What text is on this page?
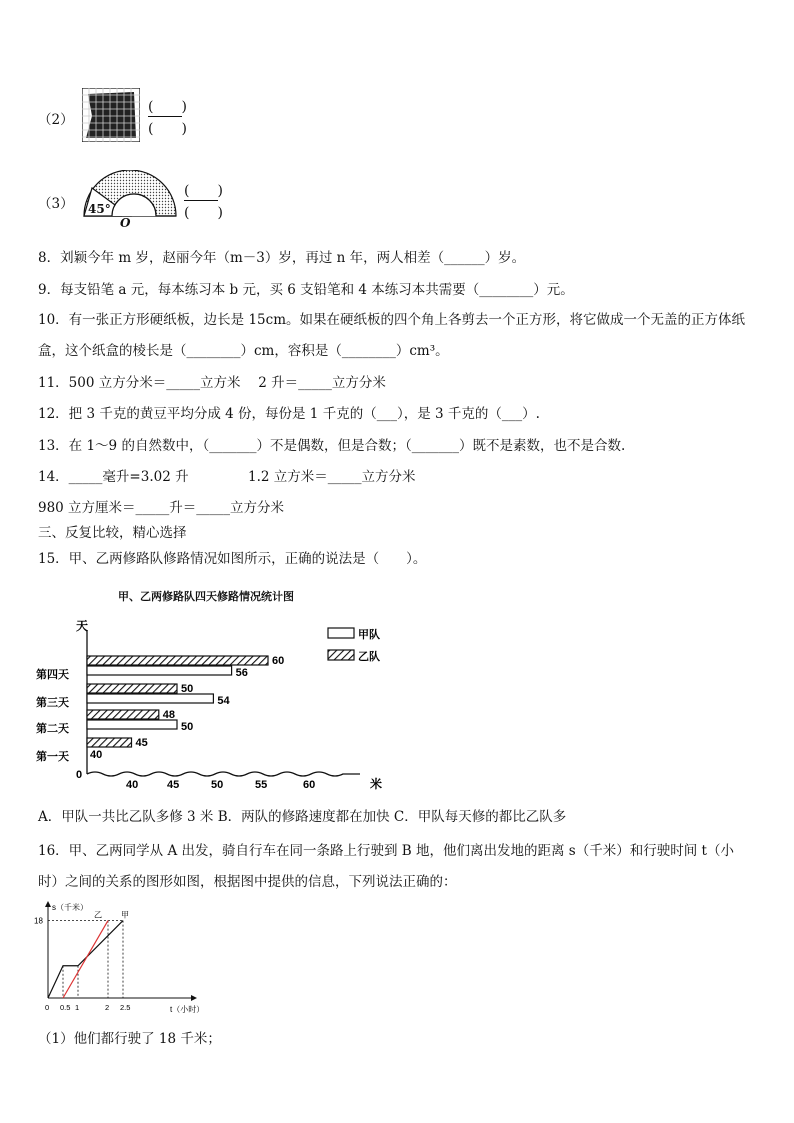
（2）
(　　)
(　　)
（3） 45°
O
(　　)
(　　)
8．刘颖今年 m 岁，赵丽今年（m－3）岁，再过 n 年，两人相差（______）岁。
9．每支铅笔 a 元，每本练习本 b 元，买 6 支铅笔和 4 本练习本共需要（________）元。
10．有一张正方形硬纸板，边长是 15cm。如果在硬纸板的四个角上各剪去一个正方形，将它做成一个无盖的正方体纸
盒，这个纸盒的棱长是（________）cm，容积是（________）cm³。
11．500 立方分米＝_____立方米　 2 升＝_____立方分米
12．把 3 千克的黄豆平均分成 4 份，每份是 1 千克的（___），是 3 千克的（___）.
13．在 1～9 的自然数中，（_______）不是偶数，但是合数；（_______）既不是素数，也不是合数.
14．_____毫升=3.02 升	1.2 立方米＝_____立方分米
980 立方厘米＝_____升＝_____立方分米
三、反复比较，精心选择
15．甲、乙两修路队修路情况如图所示，正确的说法是（　　）。
甲、乙两修路队四天修路情况统计图
天
米
0
40	45	50	55	60
甲队
乙队
第一天
第二天
第三天
第四天
45
40
48
50
50
54
60
56
A．甲队一共比乙队多修 3 米 B．两队的修路速度都在加快 C．甲队每天修的都比乙队多
16．甲、乙两同学从 A 出发，骑自行车在同一条路上行驶到 B 地，他们离出发地的距离 s（千米）和行驶时间 t（小
时）之间的关系的图形如图，根据图中提供的信息，下列说法正确的：
s（千米）
t（小时）
甲
乙
0 0.5 1	2 2.5
18
（1）他们都行驶了 18 千米；
